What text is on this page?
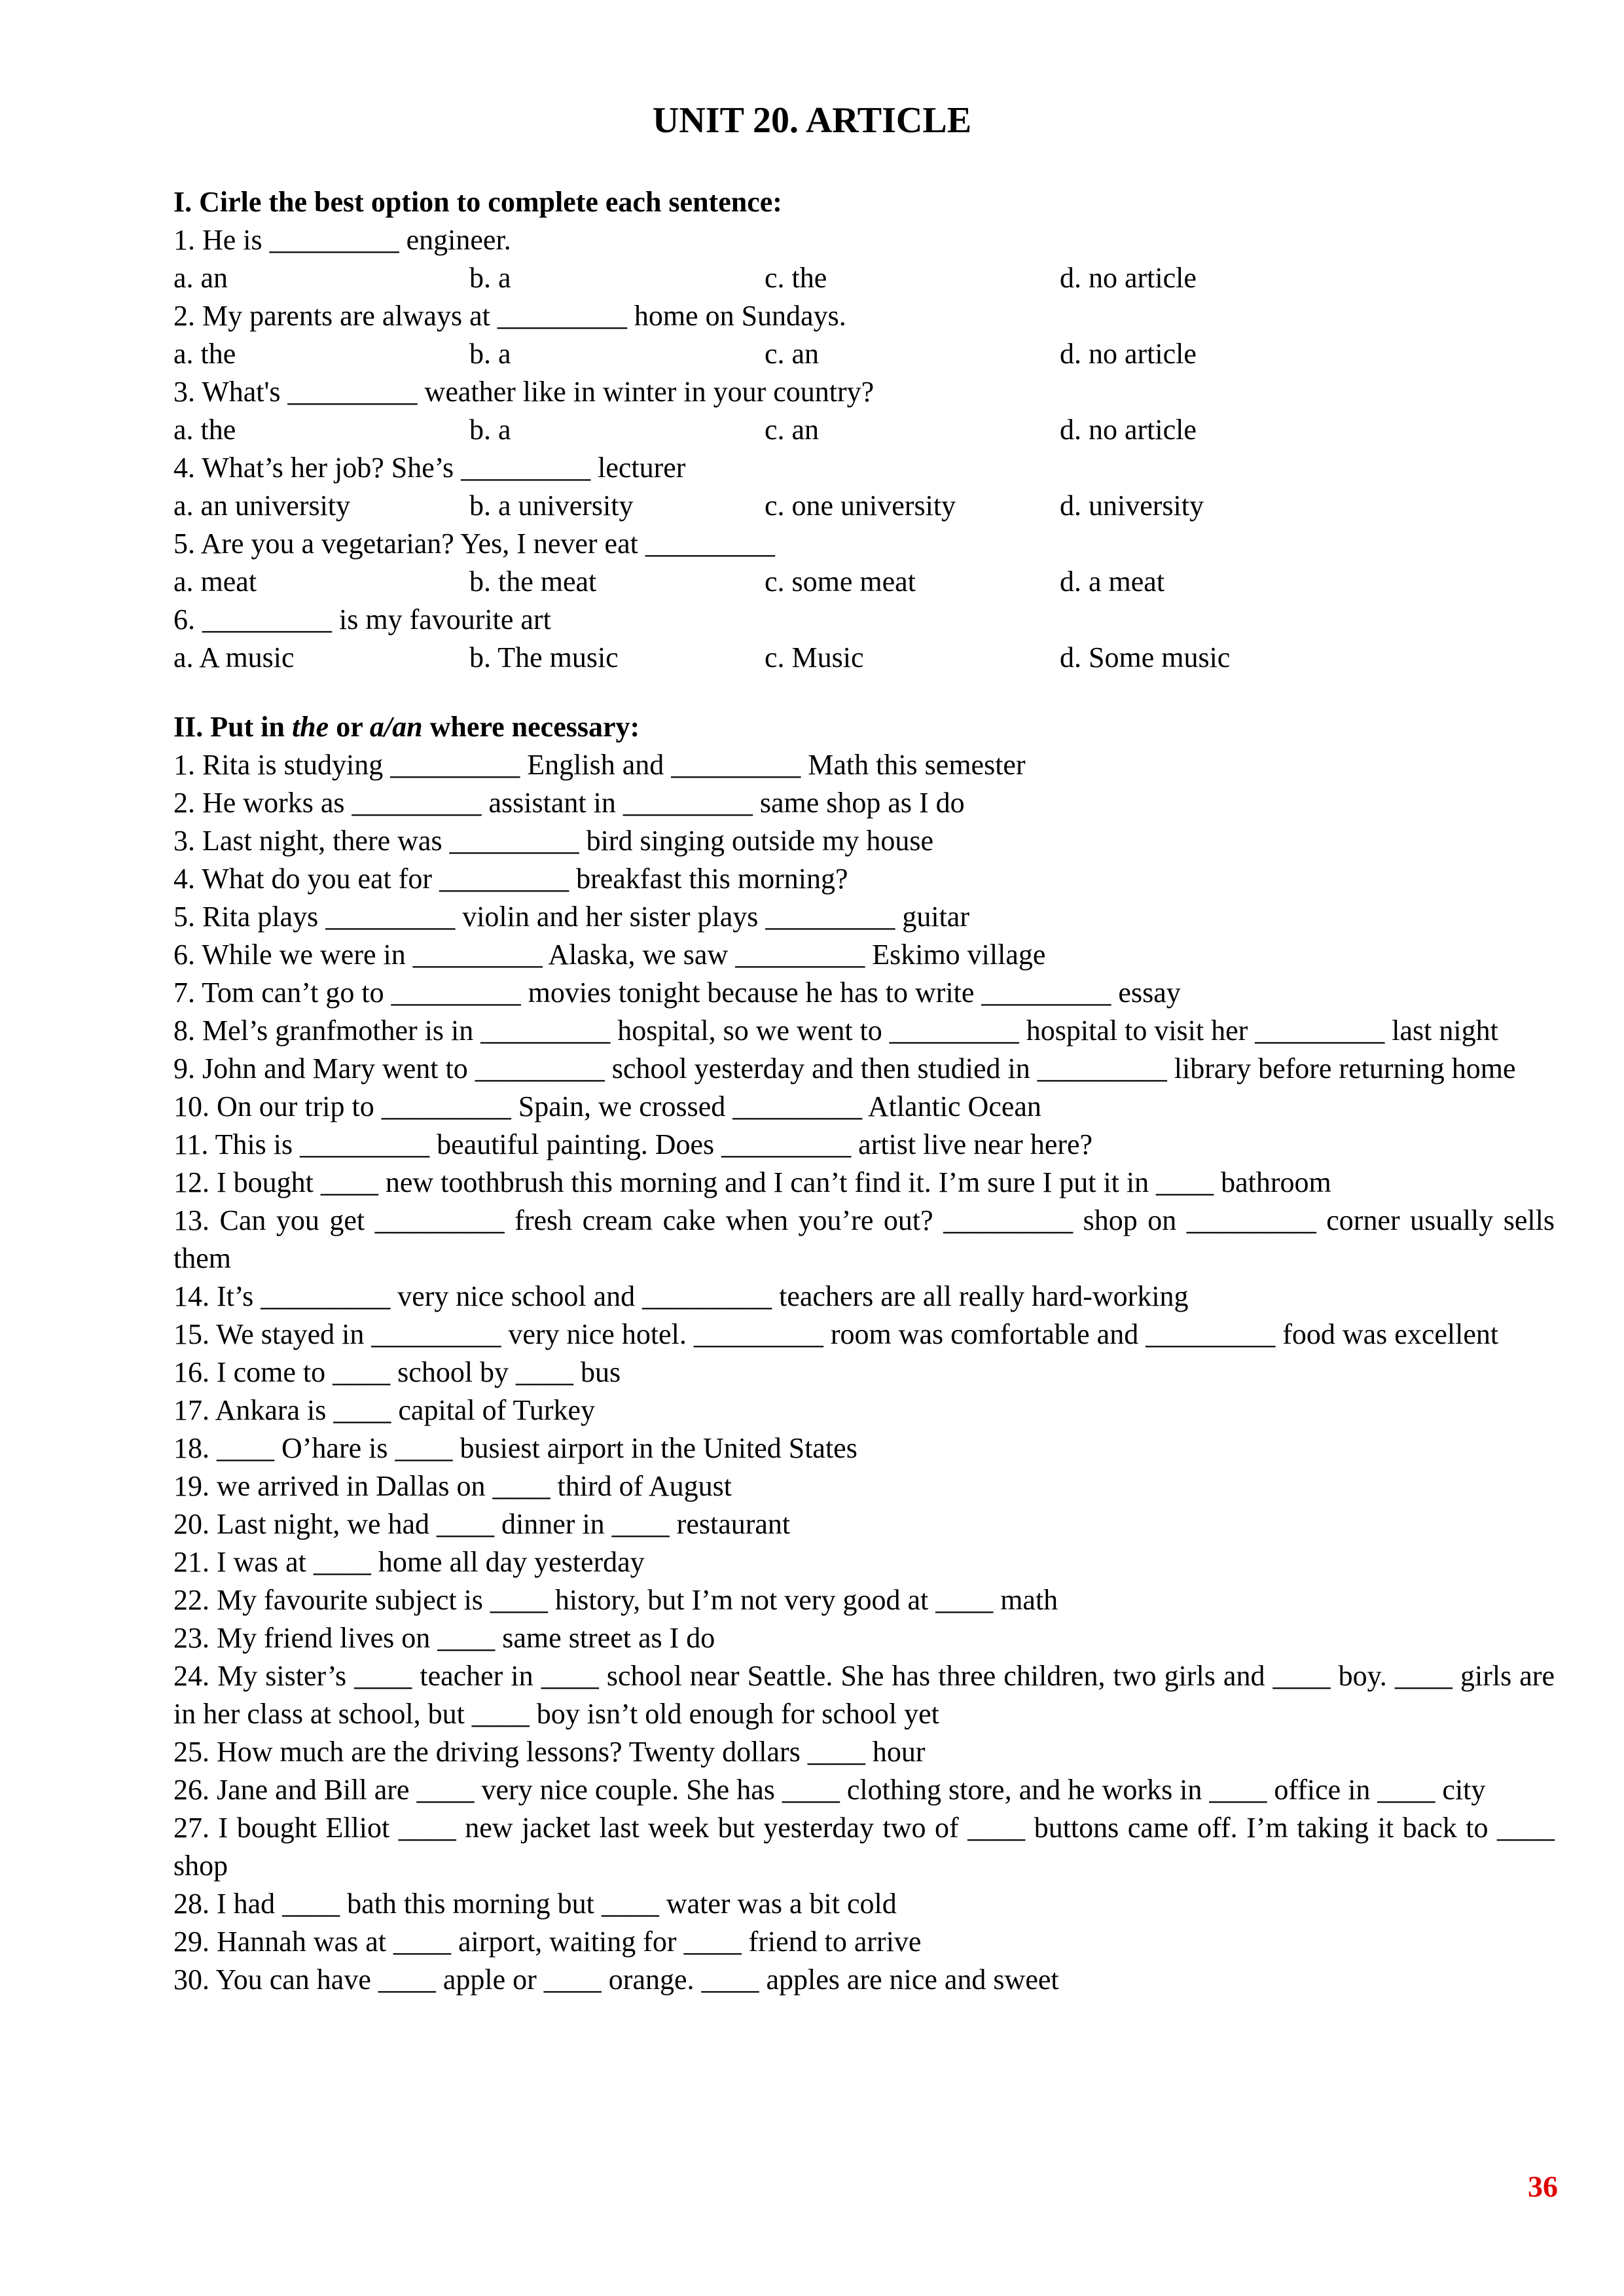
UNIT 20. ARTICLE
I. Cirle the best option to complete each sentence:
1. He is _________ engineer.
a. an	b. a	c. the	d. no article
2. My parents are always at _________ home on Sundays.
a. the	b. a	c. an	d. no article
3. What's _________ weather like in winter in your country?
a. the	b. a	c. an	d. no article
4. What’s her job? She’s _________ lecturer
a. an university	b. a university	c. one university	d. university
5. Are you a vegetarian? Yes, I never eat _________
a. meat	b. the meat	c. some meat	d. a meat
6. _________ is my favourite art
a. A music	b. The music	c. Music	d. Some music
II. Put in the or a/an where necessary:
1. Rita is studying _________ English and _________ Math this semester
2. He works as _________ assistant in _________ same shop as I do
3. Last night, there was _________ bird singing outside my house
4. What do you eat for _________ breakfast this morning?
5. Rita plays _________ violin and her sister plays _________ guitar
6. While we were in _________ Alaska, we saw _________ Eskimo village
7. Tom can’t go to _________ movies tonight because he has to write _________ essay
8. Mel’s granfmother is in _________ hospital, so we went to _________ hospital to visit her _________ last night
9. John and Mary went to _________ school yesterday and then studied in _________ library before returning home
10. On our trip to _________ Spain, we crossed _________ Atlantic Ocean
11. This is _________ beautiful painting. Does _________ artist live near here?
12. I bought ____ new toothbrush this morning and I can’t find it. I’m sure I put it in ____ bathroom
13. Can you get _________ fresh cream cake when you’re out? _________ shop on _________ corner usually sells them
14. It’s _________ very nice school and _________ teachers are all really hard-working
15. We stayed in _________ very nice hotel. _________ room was comfortable and _________ food was excellent
16. I come to ____ school by ____ bus
17. Ankara is ____ capital of Turkey
18. ____ O’hare is ____ busiest airport in the United States
19. we arrived in Dallas on ____ third of August
20. Last night, we had ____ dinner in ____ restaurant
21. I was at ____ home all day yesterday
22. My favourite subject is ____ history, but I’m not very good at ____ math
23. My friend lives on ____ same street as I do
24. My sister’s ____ teacher in ____ school near Seattle. She has three children, two girls and ____ boy. ____ girls are in her class at school, but ____ boy isn’t old enough for school yet
25. How much are the driving lessons? Twenty dollars ____ hour
26. Jane and Bill are ____ very nice couple. She has ____ clothing store, and he works in ____ office in ____ city
27. I bought Elliot ____ new jacket last week but yesterday two of ____ buttons came off. I’m taking it back to ____ shop
28. I had ____ bath this morning but ____ water was a bit cold
29. Hannah was at ____ airport, waiting for ____ friend to arrive
30. You can have ____ apple or ____ orange. ____ apples are nice and sweet
36
